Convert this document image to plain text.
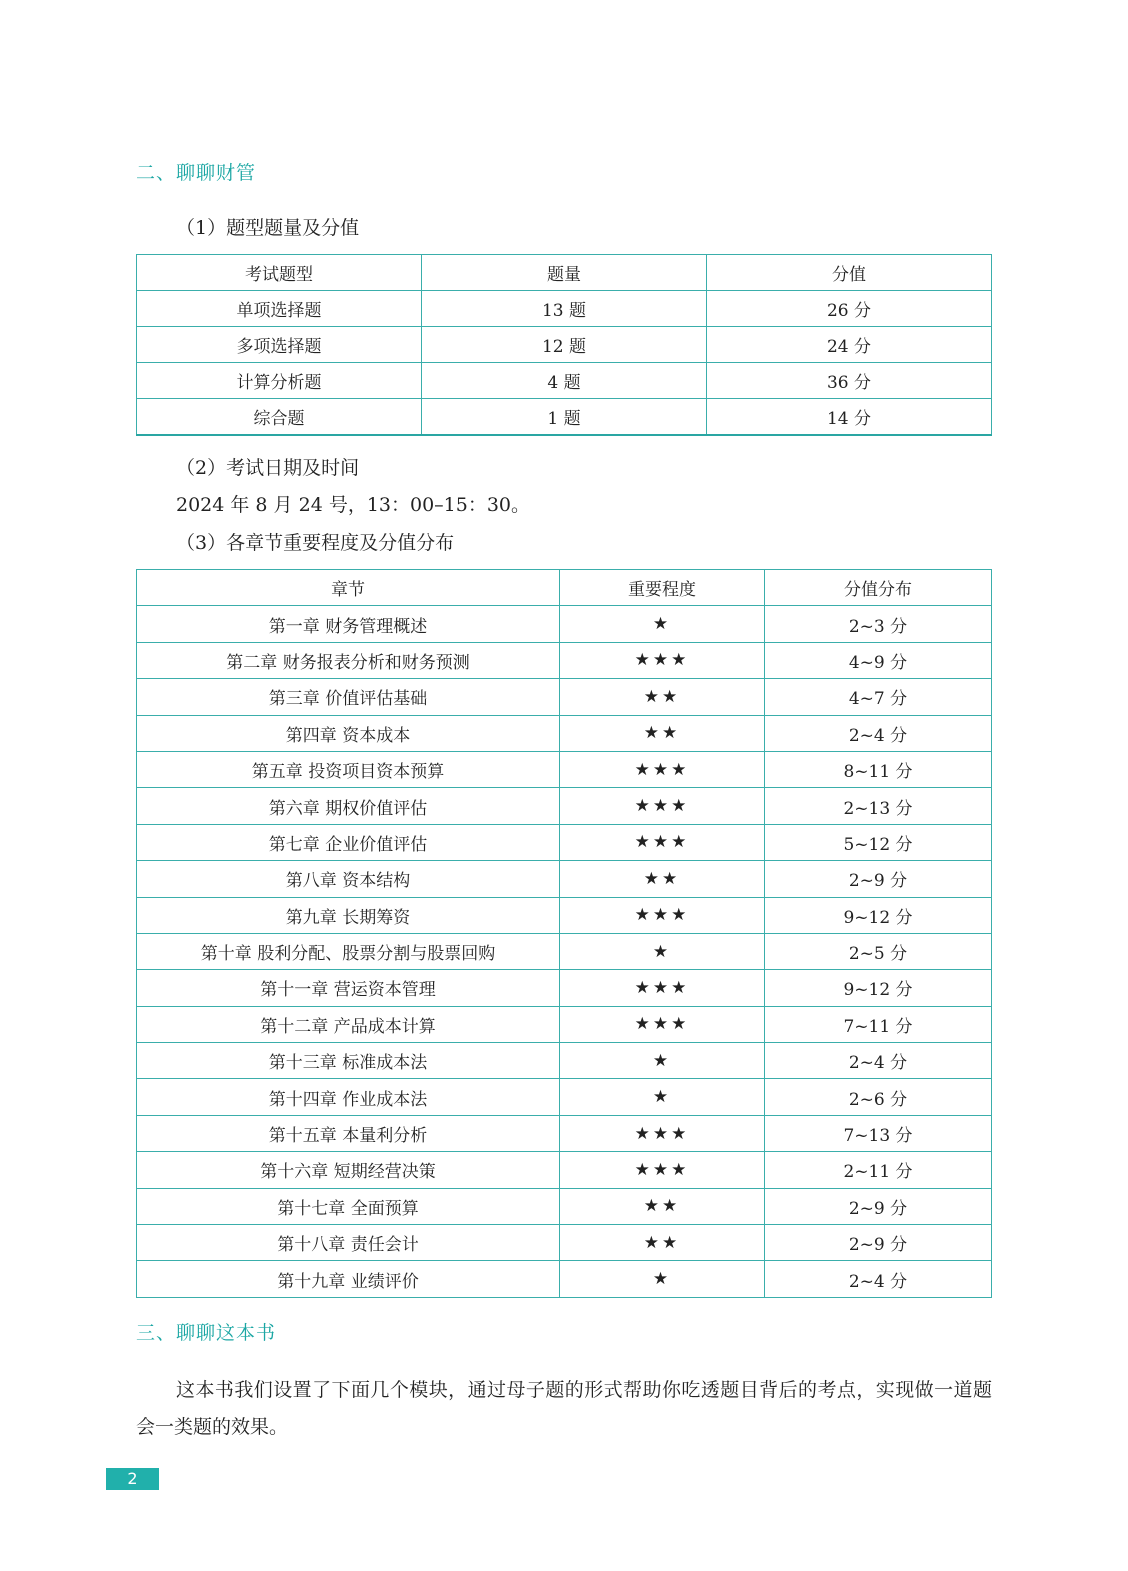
二、聊聊财管
（1）题型题量及分值
考试题型	题量	分值
单项选择题	13 题	26 分
多项选择题	12 题	24 分
计算分析题	4 题	36 分
综合题	1 题	14 分
（2）考试日期及时间
2024 年 8 月 24 号，13：00–15：30。
（3）各章节重要程度及分值分布
章节	重要程度	分值分布
第一章 财务管理概述	★	2~3 分
第二章 财务报表分析和财务预测	★★★	4~9 分
第三章 价值评估基础	★★	4~7 分
第四章 资本成本	★★	2~4 分
第五章 投资项目资本预算	★★★	8~11 分
第六章 期权价值评估	★★★	2~13 分
第七章 企业价值评估	★★★	5~12 分
第八章 资本结构	★★	2~9 分
第九章 长期筹资	★★★	9~12 分
第十章 股利分配、股票分割与股票回购	★	2~5 分
第十一章 营运资本管理	★★★	9~12 分
第十二章 产品成本计算	★★★	7~11 分
第十三章 标准成本法	★	2~4 分
第十四章 作业成本法	★	2~6 分
第十五章 本量利分析	★★★	7~13 分
第十六章 短期经营决策	★★★	2~11 分
第十七章 全面预算	★★	2~9 分
第十八章 责任会计	★★	2~9 分
第十九章 业绩评价	★	2~4 分
三、聊聊这本书
这本书我们设置了下面几个模块，通过母子题的形式帮助你吃透题目背后的考点，实现做一道题会一类题的效果。
2
